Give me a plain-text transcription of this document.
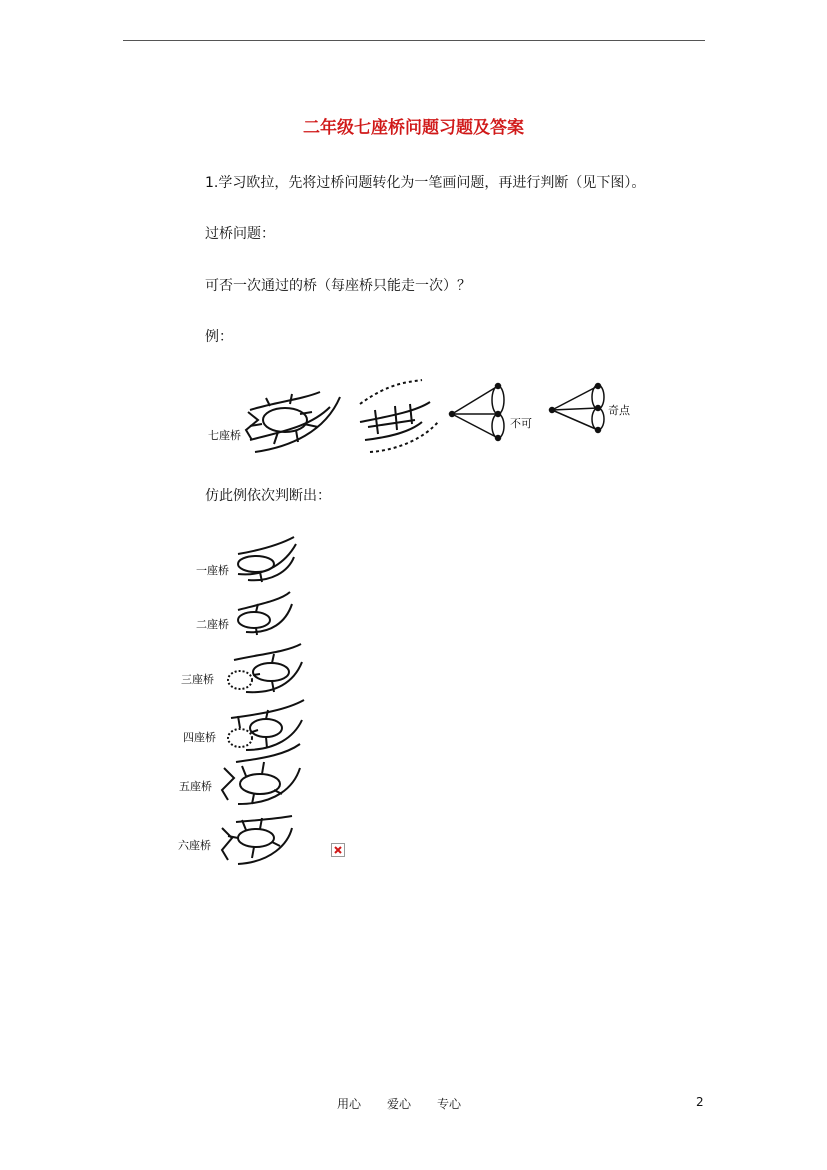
二年级七座桥问题习题及答案
1.学习欧拉，先将过桥问题转化为一笔画问题，再进行判断（见下图）。
过桥问题：
可否一次通过的桥（每座桥只能走一次）？
例：
七座桥
不可
奇点
仿此例依次判断出：
一座桥
二座桥
三座桥
四座桥
五座桥
六座桥
用心 爱心 专心	2
